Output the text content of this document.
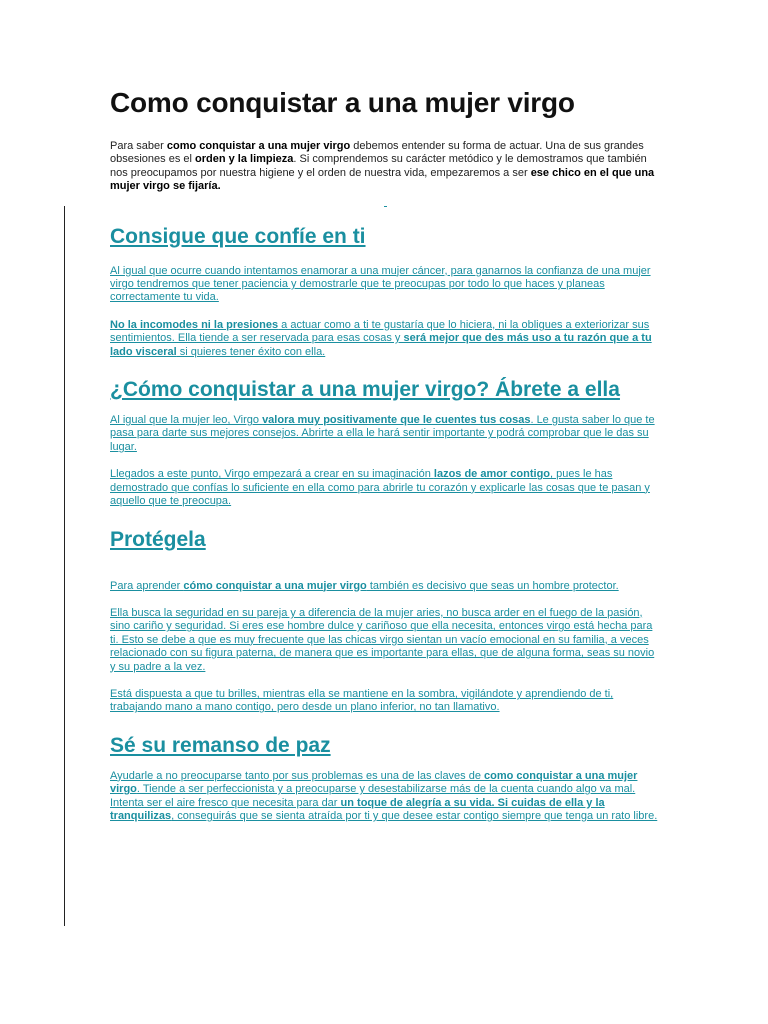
Como conquistar a una mujer virgo

Para saber como conquistar a una mujer virgo debemos entender su forma de actuar. Una de sus grandes obsesiones es el orden y la limpieza. Si comprendemos su carácter metódico y le demostramos que también nos preocupamos por nuestra higiene y el orden de nuestra vida, empezaremos a ser ese chico en el que una mujer virgo se fijaría.

Consigue que confíe en ti

Al igual que ocurre cuando intentamos enamorar a una mujer cáncer, para ganarnos la confianza de una mujer virgo tendremos que tener paciencia y demostrarle que te preocupas por todo lo que haces y planeas correctamente tu vida.

No la incomodes ni la presiones a actuar como a ti te gustaría que lo hiciera, ni la obligues a exteriorizar sus sentimientos. Ella tiende a ser reservada para esas cosas y será mejor que des más uso a tu razón que a tu lado visceral si quieres tener éxito con ella.

¿Cómo conquistar a una mujer virgo? Ábrete a ella

Al igual que la mujer leo, Virgo valora muy positivamente que le cuentes tus cosas. Le gusta saber lo que te pasa para darte sus mejores consejos. Abrirte a ella le hará sentir importante y podrá comprobar que le das su lugar.

Llegados a este punto, Virgo empezará a crear en su imaginación lazos de amor contigo, pues le has demostrado que confías lo suficiente en ella como para abrirle tu corazón y explicarle las cosas que te pasan y aquello que te preocupa.

Protégela

Para aprender cómo conquistar a una mujer virgo también es decisivo que seas un hombre protector.

Ella busca la seguridad en su pareja y a diferencia de la mujer aries, no busca arder en el fuego de la pasión, sino cariño y seguridad. Si eres ese hombre dulce y cariñoso que ella necesita, entonces virgo está hecha para ti. Esto se debe a que es muy frecuente que las chicas virgo sientan un vacío emocional en su familia, a veces relacionado con su figura paterna, de manera que es importante para ellas, que de alguna forma, seas su novio y su padre a la vez.

Está dispuesta a que tu brilles, mientras ella se mantiene en la sombra, vigilándote y aprendiendo de ti, trabajando mano a mano contigo, pero desde un plano inferior, no tan llamativo.

Sé su remanso de paz

Ayudarle a no preocuparse tanto por sus problemas es una de las claves de como conquistar a una mujer virgo. Tiende a ser perfeccionista y a preocuparse y desestabilizarse más de la cuenta cuando algo va mal. Intenta ser el aire fresco que necesita para dar un toque de alegría a su vida. Si cuidas de ella y la tranquilizas, conseguirás que se sienta atraída por ti y que desee estar contigo siempre que tenga un rato libre.
